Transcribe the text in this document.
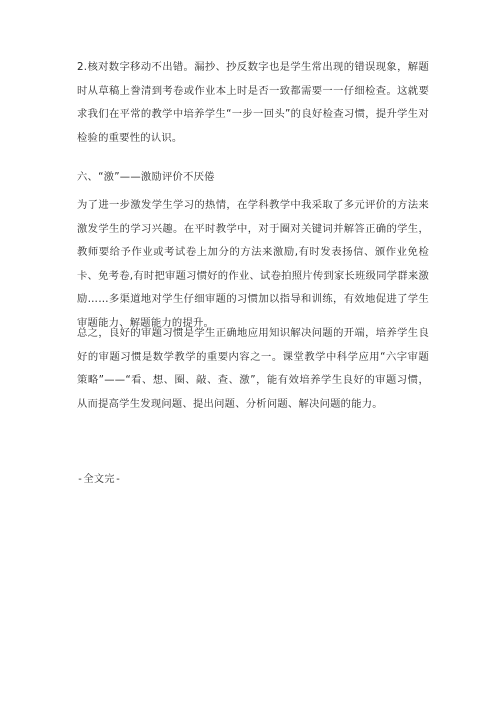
2.核对数字移动不出错。漏抄、抄反数字也是学生常出现的错误现象，解题时从草稿上誊清到考卷或作业本上时是否一致都需要一一仔细检查。这就要求我们在平常的教学中培养学生“一步一回头”的良好检查习惯，提升学生对检验的重要性的认识。

六、“激”——激励评价不厌倦

为了进一步激发学生学习的热情，在学科教学中我采取了多元评价的方法来激发学生的学习兴趣。在平时教学中，对于圈对关键词并解答正确的学生，教师要给予作业或考试卷上加分的方法来激励,有时发表扬信、颁作业免检卡、免考卷,有时把审题习惯好的作业、试卷拍照片传到家长班级同学群来激励……多渠道地对学生仔细审题的习惯加以指导和训练，有效地促进了学生审题能力、解题能力的提升。

总之，良好的审题习惯是学生正确地应用知识解决问题的开端，培养学生良好的审题习惯是数学教学的重要内容之一。课堂教学中科学应用“六字审题策略”——“看、想、圈、敲、查、激”，能有效培养学生良好的审题习惯，从而提高学生发现问题、提出问题、分析问题、解决问题的能力。

-全文完-
